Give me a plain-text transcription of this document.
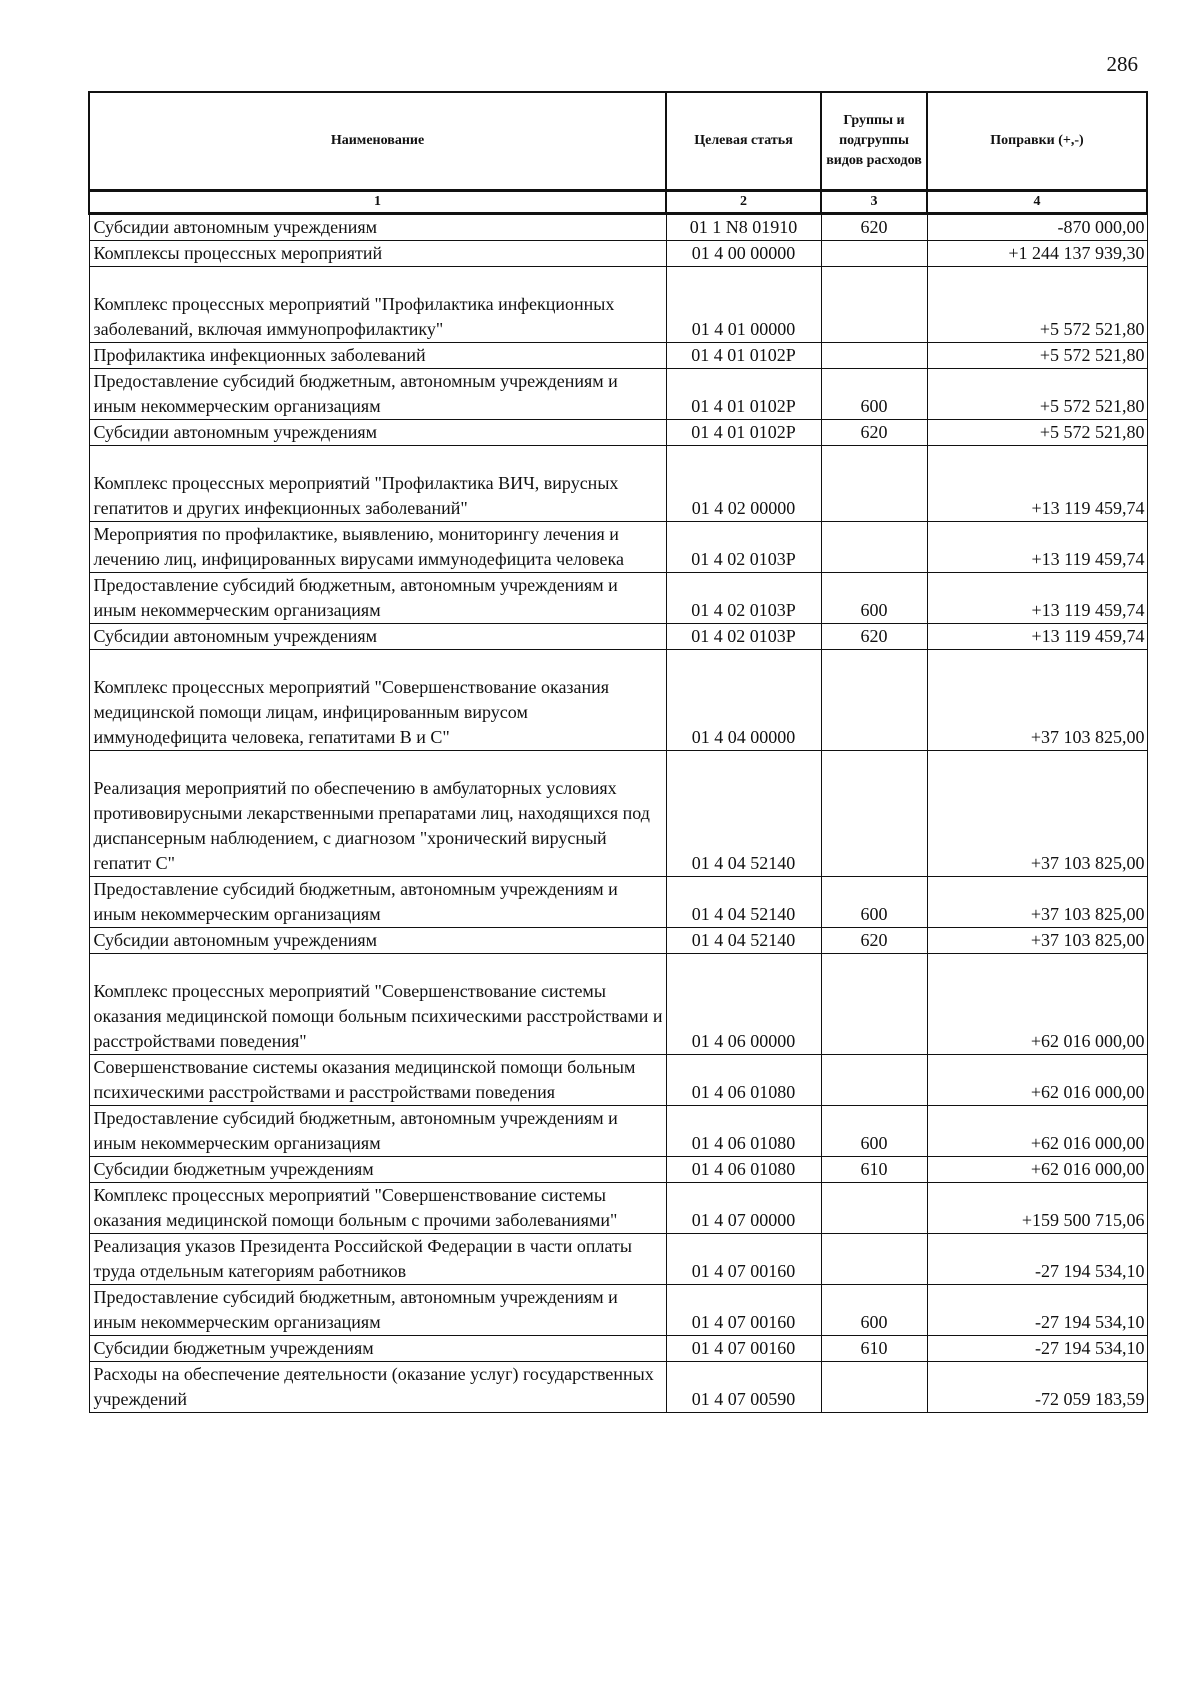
286
Наименование	Целевая статья	Группы и подгруппы видов расходов	Поправки (+,-)
1	2	3	4
Субсидии автономным учреждениям	01 1 N8 01910	620	-870 000,00
Комплексы процессных мероприятий	01 4 00 00000		+1 244 137 939,30

Комплекс процессных мероприятий "Профилактика инфекционных заболеваний, включая иммунопрофилактику"	01 4 01 00000		+5 572 521,80
Профилактика инфекционных заболеваний	01 4 01 0102Р		+5 572 521,80
Предоставление субсидий бюджетным, автономным учреждениям и иным некоммерческим организациям	01 4 01 0102Р	600	+5 572 521,80
Субсидии автономным учреждениям	01 4 01 0102Р	620	+5 572 521,80

Комплекс процессных мероприятий "Профилактика ВИЧ, вирусных гепатитов и других инфекционных заболеваний"	01 4 02 00000		+13 119 459,74
Мероприятия по профилактике, выявлению, мониторингу лечения и лечению лиц, инфицированных вирусами иммунодефицита человека	01 4 02 0103Р		+13 119 459,74
Предоставление субсидий бюджетным, автономным учреждениям и иным некоммерческим организациям	01 4 02 0103Р	600	+13 119 459,74
Субсидии автономным учреждениям	01 4 02 0103Р	620	+13 119 459,74

Комплекс процессных мероприятий "Совершенствование оказания медицинской помощи лицам, инфицированным вирусом иммунодефицита человека, гепатитами В и С"	01 4 04 00000		+37 103 825,00

Реализация мероприятий по обеспечению в амбулаторных условиях противовирусными лекарственными препаратами лиц, находящихся под диспансерным наблюдением, с диагнозом "хронический вирусный гепатит С"	01 4 04 52140		+37 103 825,00
Предоставление субсидий бюджетным, автономным учреждениям и иным некоммерческим организациям	01 4 04 52140	600	+37 103 825,00
Субсидии автономным учреждениям	01 4 04 52140	620	+37 103 825,00

Комплекс процессных мероприятий "Совершенствование системы оказания медицинской помощи больным психическими расстройствами и расстройствами поведения"	01 4 06 00000		+62 016 000,00
Совершенствование системы оказания медицинской помощи больным психическими расстройствами и расстройствами поведения	01 4 06 01080		+62 016 000,00
Предоставление субсидий бюджетным, автономным учреждениям и иным некоммерческим организациям	01 4 06 01080	600	+62 016 000,00
Субсидии бюджетным учреждениям	01 4 06 01080	610	+62 016 000,00
Комплекс процессных мероприятий "Совершенствование системы оказания медицинской помощи больным с прочими заболеваниями"	01 4 07 00000		+159 500 715,06
Реализация указов Президента Российской Федерации в части оплаты труда отдельным категориям работников	01 4 07 00160		-27 194 534,10
Предоставление субсидий бюджетным, автономным учреждениям и иным некоммерческим организациям	01 4 07 00160	600	-27 194 534,10
Субсидии бюджетным учреждениям	01 4 07 00160	610	-27 194 534,10
Расходы на обеспечение деятельности (оказание услуг) государственных учреждений	01 4 07 00590		-72 059 183,59
